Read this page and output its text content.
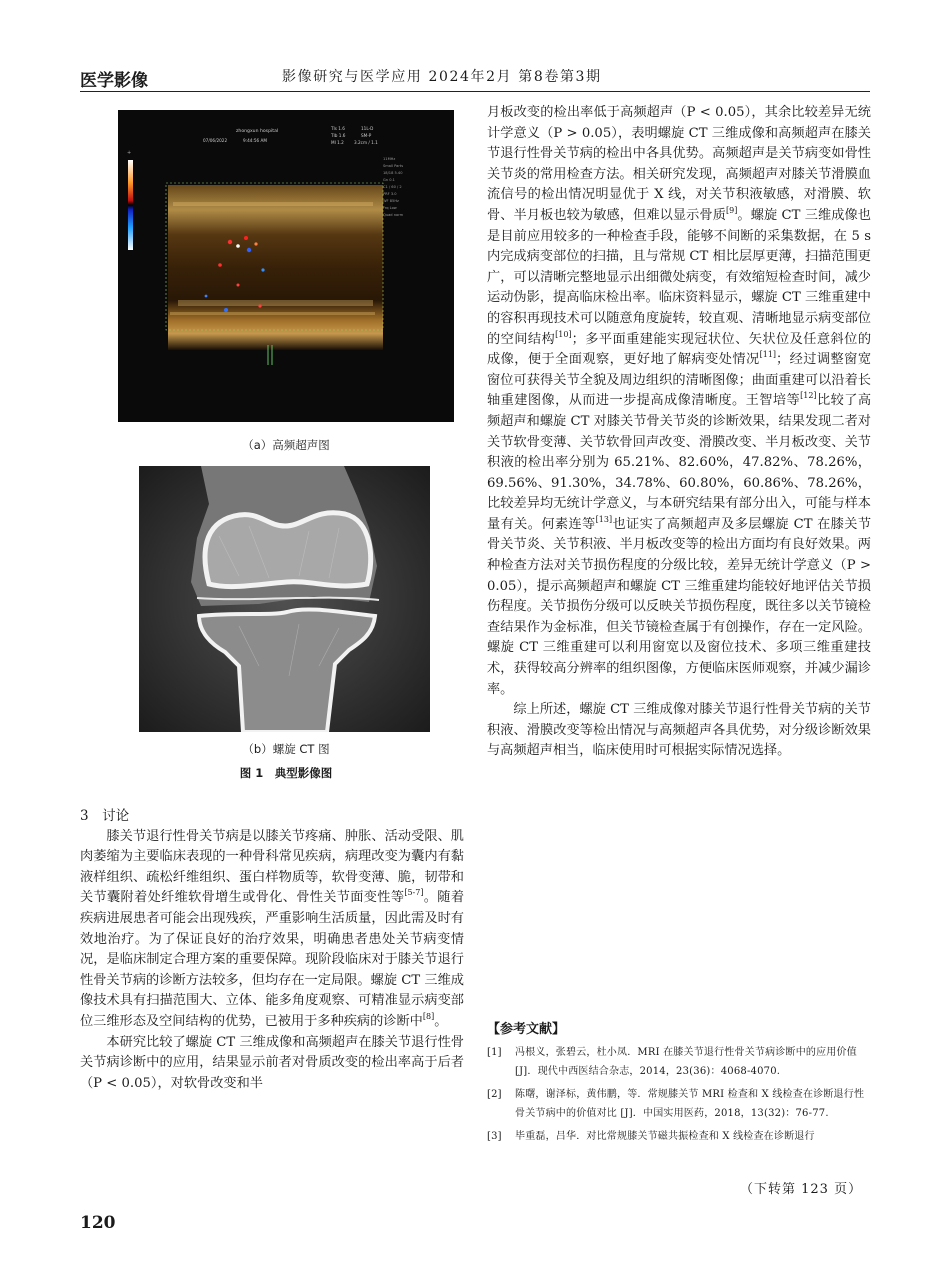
医学影像	影像研究与医学应用 2024年2月 第8卷第3期
+
zhongxun hospital
07/06/2022	9:44:56 AM
TIs 1.6	11L-D
TIb 1.6	SM-P
MI 1.2 3.2cm / 1.1
11MHz
Small Parts
18/18 5.40
Gn 0.1
C1 / 60 / 2
PRF 3.0
WF 85Hz
Frq Low
Quad norm
（a）高频超声图
（b）螺旋 CT 图
图 1　典型影像图

3　讨论

膝关节退行性骨关节病是以膝关节疼痛、肿胀、活动受限、肌肉萎缩为主要临床表现的一种骨科常见疾病，病理改变为囊内有黏液样组织、疏松纤维组织、蛋白样物质等，软骨变薄、脆，韧带和关节囊附着处纤维软骨增生或骨化、骨性关节面变性等[5-7]。随着疾病进展患者可能会出现残疾，严重影响生活质量，因此需及时有效地治疗。为了保证良好的治疗效果，明确患者患处关节病变情况，是临床制定合理方案的重要保障。现阶段临床对于膝关节退行性骨关节病的诊断方法较多，但均存在一定局限。螺旋 CT 三维成像技术具有扫描范围大、立体、能多角度观察、可精准显示病变部位三维形态及空间结构的优势，已被用于多种疾病的诊断中[8]。

本研究比较了螺旋 CT 三维成像和高频超声在膝关节退行性骨关节病诊断中的应用，结果显示前者对骨质改变的检出率高于后者（P < 0.05），对软骨改变和半

月板改变的检出率低于高频超声（P < 0.05），其余比较差异无统计学意义（P > 0.05），表明螺旋 CT 三维成像和高频超声在膝关节退行性骨关节病的检出中各具优势。高频超声是关节病变如骨性关节炎的常用检查方法。相关研究发现，高频超声对膝关节滑膜血流信号的检出情况明显优于 X 线，对关节积液敏感，对滑膜、软骨、半月板也较为敏感，但难以显示骨质[9]。螺旋 CT 三维成像也是目前应用较多的一种检查手段，能够不间断的采集数据，在 5 s 内完成病变部位的扫描，且与常规 CT 相比层厚更薄，扫描范围更广，可以清晰完整地显示出细微处病变，有效缩短检查时间，减少运动伪影，提高临床检出率。临床资料显示，螺旋 CT 三维重建中的容积再现技术可以随意角度旋转，较直观、清晰地显示病变部位的空间结构[10]；多平面重建能实现冠状位、矢状位及任意斜位的成像，便于全面观察，更好地了解病变处情况[11]；经过调整窗宽窗位可获得关节全貌及周边组织的清晰图像；曲面重建可以沿着长轴重建图像，从而进一步提高成像清晰度。王智培等[12]比较了高频超声和螺旋 CT 对膝关节骨关节炎的诊断效果，结果发现二者对关节软骨变薄、关节软骨回声改变、滑膜改变、半月板改变、关节积液的检出率分别为 65.21%、82.60%，47.82%、78.26%，69.56%、91.30%，34.78%、60.80%，60.86%、78.26%，比较差异均无统计学意义，与本研究结果有部分出入，可能与样本量有关。何素连等[13]也证实了高频超声及多层螺旋 CT 在膝关节骨关节炎、关节积液、半月板改变等的检出方面均有良好效果。两种检查方法对关节损伤程度的分级比较，差异无统计学意义（P > 0.05），提示高频超声和螺旋 CT 三维重建均能较好地评估关节损伤程度。关节损伤分级可以反映关节损伤程度，既往多以关节镜检查结果作为金标准，但关节镜检查属于有创操作，存在一定风险。螺旋 CT 三维重建可以利用窗宽以及窗位技术、多项三维重建技术，获得较高分辨率的组织图像，方便临床医师观察，并减少漏诊率。

综上所述，螺旋 CT 三维成像对膝关节退行性骨关节病的关节积液、滑膜改变等检出情况与高频超声各具优势，对分级诊断效果与高频超声相当，临床使用时可根据实际情况选择。

【参考文献】
[1]	冯根义，张碧云，杜小凤．MRI 在膝关节退行性骨关节病诊断中的应用价值 [J]．现代中西医结合杂志，2014，23(36)：4068-4070.
[2]	陈曙，谢泽标，黄伟鹏，等．常规膝关节 MRI 检查和 X 线检查在诊断退行性骨关节病中的价值对比 [J]．中国实用医药，2018，13(32)：76-77.
[3]	毕重磊，吕华．对比常规膝关节磁共振检查和 X 线检查在诊断退行
（下转第 123 页）
120
